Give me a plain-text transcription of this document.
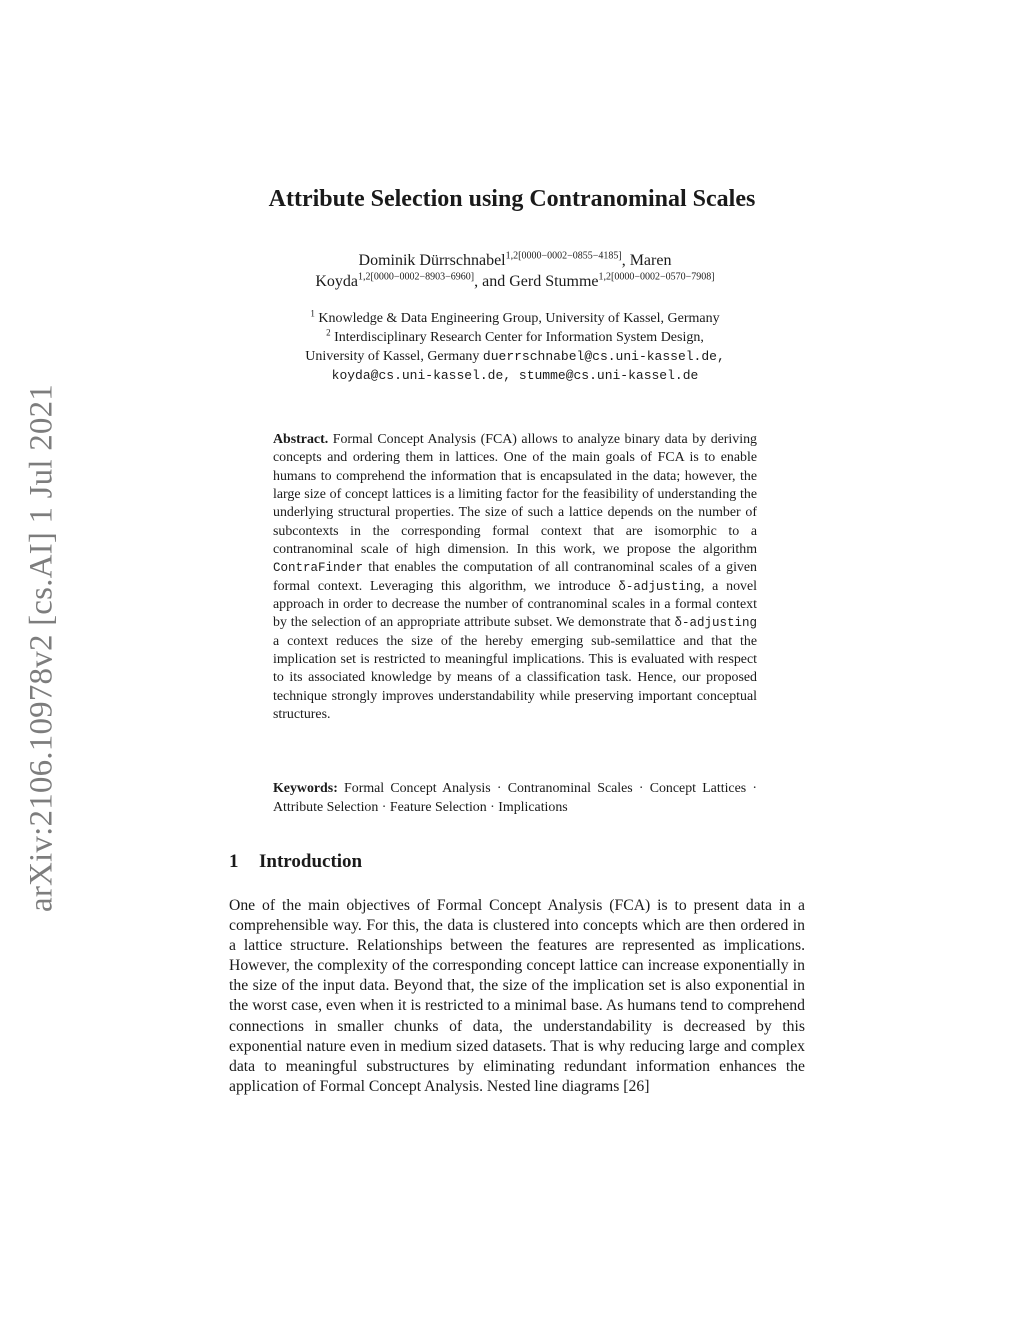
arXiv:2106.10978v2 [cs.AI] 1 Jul 2021
Attribute Selection using Contranominal Scales
Dominik Dürrschnabel$^{1,2[0000-0002-0855-4185]}$, Maren
Koyda$^{1,2[0000-0002-8903-6960]}$, and Gerd Stumme$^{1,2[0000-0002-0570-7908]}$
$^1$ Knowledge & Data Engineering Group, University of Kassel, Germany
$^2$ Interdisciplinary Research Center for Information System Design,
University of Kassel, Germany duerrschnabel@cs.uni-kassel.de,
koyda@cs.uni-kassel.de, stumme@cs.uni-kassel.de

Abstract. Formal Concept Analysis (FCA) allows to analyze binary data by deriving concepts and ordering them in lattices. One of the main goals of FCA is to enable humans to comprehend the information that is encapsulated in the data; however, the large size of concept lattices is a limiting factor for the feasibility of understanding the underlying structural properties. The size of such a lattice depends on the number of subcontexts in the corresponding formal context that are isomorphic to a contranominal scale of high dimension. In this work, we propose the algorithm ContraFinder that enables the computation of all contranominal scales of a given formal context. Leveraging this algorithm, we introduce δ-adjusting, a novel approach in order to decrease the number of contranominal scales in a formal context by the selection of an appropriate attribute subset. We demonstrate that δ-adjusting a context reduces the size of the hereby emerging sub-semilattice and that the implication set is restricted to meaningful implications. This is evaluated with respect to its associated knowledge by means of a classification task. Hence, our proposed technique strongly improves understandability while preserving important conceptual structures.

Keywords: Formal Concept Analysis · Contranominal Scales · Concept Lattices · Attribute Selection · Feature Selection · Implications

1 Introduction

One of the main objectives of Formal Concept Analysis (FCA) is to present data in a comprehensible way. For this, the data is clustered into concepts which are then ordered in a lattice structure. Relationships between the features are represented as implications. However, the complexity of the corresponding concept lattice can increase exponentially in the size of the input data. Beyond that, the size of the implication set is also exponential in the worst case, even when it is restricted to a minimal base. As humans tend to comprehend connections in smaller chunks of data, the understandability is decreased by this exponential nature even in medium sized datasets. That is why reducing large and complex data to meaningful substructures by eliminating redundant information enhances the application of Formal Concept Analysis. Nested line diagrams [26]
